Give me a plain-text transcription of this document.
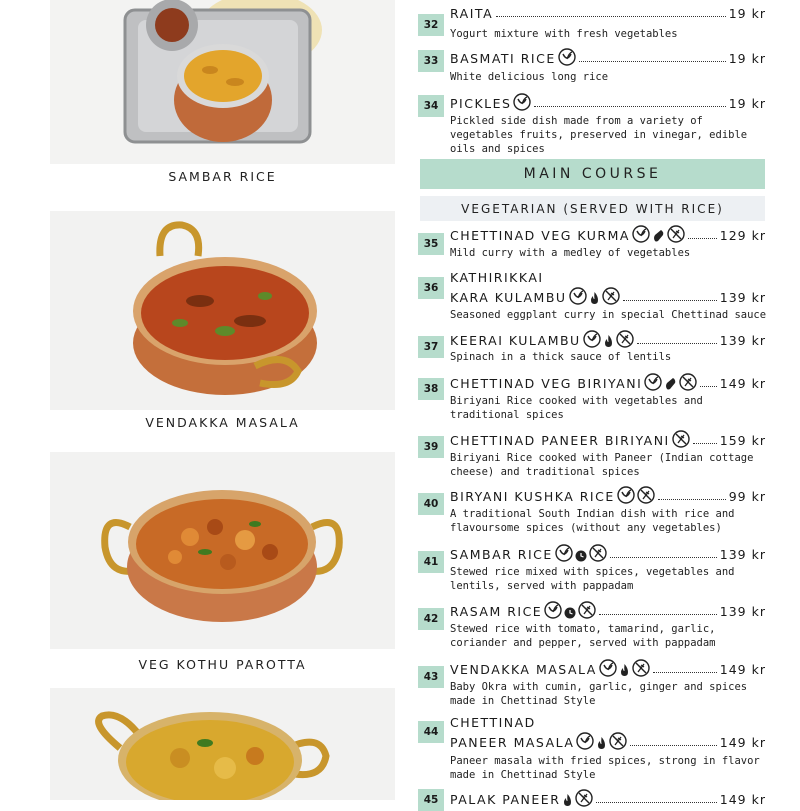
SAMBAR RICE
VENDAKKA MASALA
VEG KOTHU PAROTTA
MAIN COURSE
VEGETARIAN (SERVED WITH RICE)
32
RAITA	19 kr
Yogurt mixture with fresh vegetables
33 BASMATI RICE	19 kr
White delicious long rice
34 PICKLES	19 kr
Pickled side dish made from a variety of vegetables fruits, preserved in vinegar, edible oils and spices
35
CHETTINAD VEG KURMA	129 kr
Mild curry with a medley of vegetables
36
KATHIRIKKAI
KARA KULAMBU	139 kr
Seasoned eggplant curry in special Chettinad sauce
37 KEERAI KULAMBU	139 kr
Spinach in a thick sauce of lentils
38 CHETTINAD VEG BIRIYANI	149 kr
Biriyani Rice cooked with vegetables and traditional spices
39 CHETTINAD PANEER BIRIYANI	159 kr
Biriyani Rice cooked with Paneer (Indian cottage cheese) and traditional spices
40 BIRYANI KUSHKA RICE	99 kr
A traditional South Indian dish with rice and flavoursome spices (without any vegetables)
41 SAMBAR RICE	139 kr
Stewed rice mixed with spices, vegetables and lentils, served with pappadam
42 RASAM RICE	139 kr
Stewed rice with tomato, tamarind, garlic, coriander and pepper, served with pappadam
43 VENDAKKA MASALA	149 kr
Baby Okra with cumin, garlic, ginger and spices made in Chettinad Style
44
CHETTINAD
PANEER MASALA	149 kr
Paneer masala with fried spices, strong in flavor made in Chettinad Style
45 PALAK PANEER	149 kr
